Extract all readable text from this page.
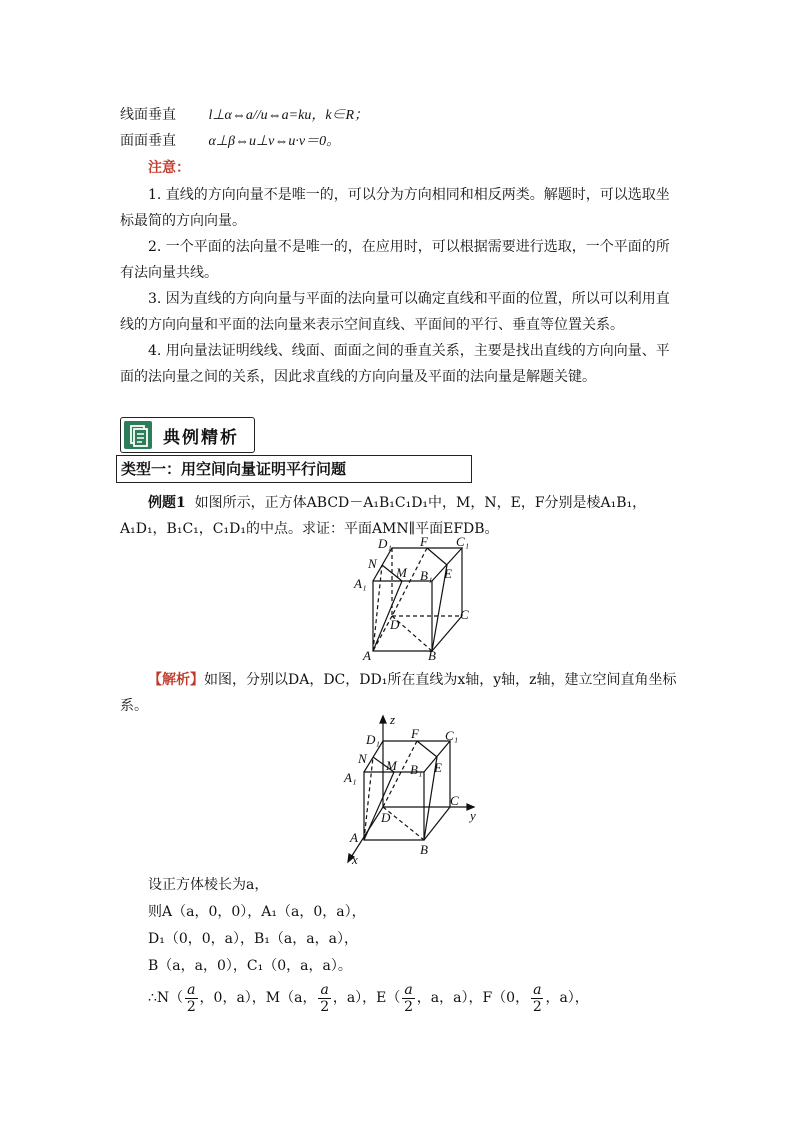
线面垂直 l⊥α⇔a//u⇔a=ku，k∈R；
面面垂直 α⊥β⇔u⊥v⇔u·v＝0。
注意：

1. 直线的方向向量不是唯一的，可以分为方向相同和相反两类。解题时，可以选取坐标最简的方向向量。

2. 一个平面的法向量不是唯一的，在应用时，可以根据需要进行选取，一个平面的所有法向量共线。

3. 因为直线的方向向量与平面的法向量可以确定直线和平面的位置，所以可以利用直线的方向向量和平面的法向量来表示空间直线、平面间的平行、垂直等位置关系。

4. 用向量法证明线线、线面、面面之间的垂直关系，主要是找出直线的方向向量、平面的法向量之间的关系，因此求直线的方向向量及平面的法向量是解题关键。

典例精析
类型一：用空间向量证明平行问题

例题1 如图所示，正方体ABCD－A₁B₁C₁D₁中，M，N，E，F分别是棱A₁B₁，A₁D₁，B₁C₁，C₁D₁的中点。求证：平面AMN∥平面EFDB。

D₁ F C₁
N
M B₁ E
A₁
C
D
A	B

【解析】如图，分别以DA，DC，DD₁所在直线为x轴，y轴，z轴，建立空间直角坐标系。

z
D₁ F C₁
N M B₁ E
A₁
C
y
D
A
B
x
设正方体棱长为a，
则A（a，0，0），A₁（a，0，a），
D₁（0，0，a），B₁（a，a，a），
B（a，a，0），C₁（0，a，a）。
∴N（ $\frac{a}{2}$ ，0，a），M（a， $\frac{a}{2}$ ，a），$E( \frac{a}{2}$ ，a，a），F（0， $\frac{a}{2}$ ，a），
